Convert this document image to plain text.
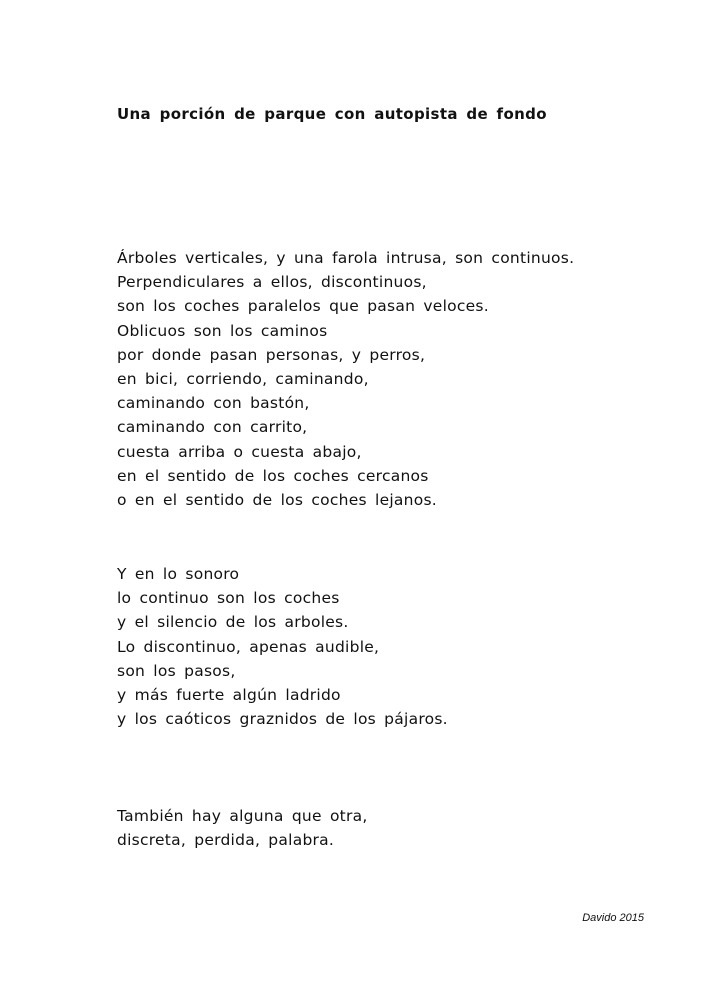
Una porción de parque con autopista de fondo
Árboles verticales, y una farola intrusa, son continuos.
Perpendiculares a ellos, discontinuos,
son los coches paralelos que pasan veloces.
Oblicuos son los caminos
por donde pasan personas, y perros,
en bici, corriendo, caminando,
caminando con bastón,
caminando con carrito,
cuesta arriba o cuesta abajo,
en el sentido de los coches cercanos
o en el sentido de los coches lejanos.
Y en lo sonoro
lo continuo son los coches
y el silencio de los arboles.
Lo discontinuo, apenas audible,
son los pasos,
y más fuerte algún ladrido
y los caóticos graznidos de los pájaros.
También hay alguna que otra,
discreta, perdida, palabra.
Davido 2015
